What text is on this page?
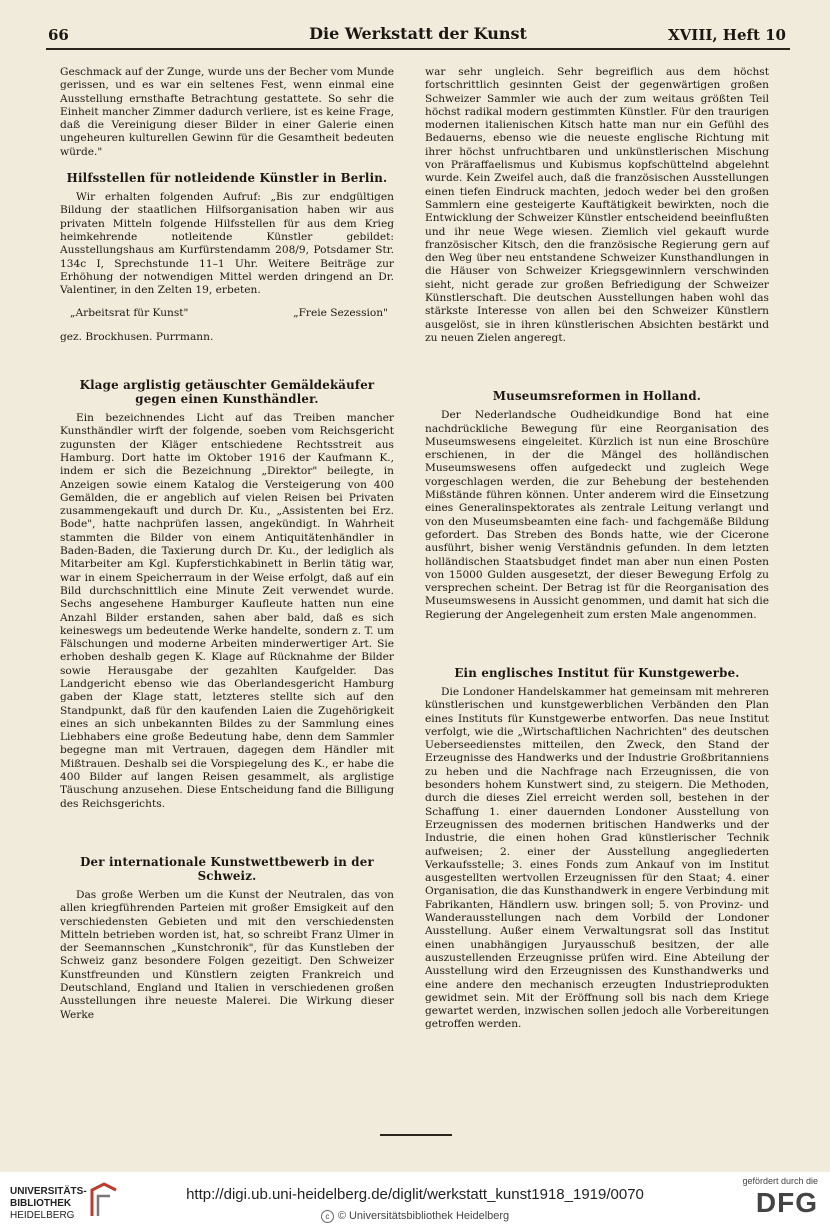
66	Die Werkstatt der Kunst	XVIII, Heft 10

Geschmack auf der Zunge, wurde uns der Becher vom Munde gerissen, und es war ein seltenes Fest, wenn einmal eine Ausstellung ernsthafte Betrachtung gestattete. So sehr die Einheit mancher Zimmer dadurch verliere, ist es keine Frage, daß die Vereinigung dieser Bilder in einer Galerie einen ungeheuren kulturellen Gewinn für die Gesamtheit bedeuten würde."

Hilfsstellen für notleidende Künstler in Berlin.

Wir erhalten folgenden Aufruf: „Bis zur endgültigen Bildung der staatlichen Hilfsorganisation haben wir aus privaten Mitteln folgende Hilfsstellen für aus dem Krieg heimkehrende notleitende Künstler gebildet: Ausstellungshaus am Kurfürstendamm 208/9, Potsdamer Str. 134c I, Sprechstunde 11–1 Uhr. Weitere Beiträge zur Erhöhung der notwendigen Mittel werden dringend an Dr. Valentiner, in den Zelten 19, erbeten.

„Arbeitsrat für Kunst"	„Freie Sezession"
gez. Brockhusen. Purrmann.
Klage arglistig getäuschter Gemäldekäufer gegen einen Kunsthändler.

Ein bezeichnendes Licht auf das Treiben mancher Kunsthändler wirft der folgende, soeben vom Reichsgericht zugunsten der Kläger entschiedene Rechtsstreit aus Hamburg. Dort hatte im Oktober 1916 der Kaufmann K., indem er sich die Bezeichnung „Direktor" beilegte, in Anzeigen sowie einem Katalog die Versteigerung von 400 Gemälden, die er angeblich auf vielen Reisen bei Privaten zusammengekauft und durch Dr. Ku., „Assistenten bei Erz. Bode", hatte nachprüfen lassen, angekündigt. In Wahrheit stammten die Bilder von einem Antiquitätenhändler in Baden-Baden, die Taxierung durch Dr. Ku., der lediglich als Mitarbeiter am Kgl. Kupferstichkabinett in Berlin tätig war, war in einem Speicherraum in der Weise erfolgt, daß auf ein Bild durchschnittlich eine Minute Zeit verwendet wurde. Sechs angesehene Hamburger Kaufleute hatten nun eine Anzahl Bilder erstanden, sahen aber bald, daß es sich keineswegs um bedeutende Werke handelte, sondern z. T. um Fälschungen und moderne Arbeiten minderwertiger Art. Sie erhoben deshalb gegen K. Klage auf Rücknahme der Bilder sowie Herausgabe der gezahlten Kaufgelder. Das Landgericht ebenso wie das Oberlandesgericht Hamburg gaben der Klage statt, letzteres stellte sich auf den Standpunkt, daß für den kaufenden Laien die Zugehörigkeit eines an sich unbekannten Bildes zu der Sammlung eines Liebhabers eine große Bedeutung habe, denn dem Sammler begegne man mit Vertrauen, dagegen dem Händler mit Mißtrauen. Deshalb sei die Vorspiegelung des K., er habe die 400 Bilder auf langen Reisen gesammelt, als arglistige Täuschung anzusehen. Diese Entscheidung fand die Billigung des Reichsgerichts.

Der internationale Kunstwettbewerb in der Schweiz.

Das große Werben um die Kunst der Neutralen, das von allen kriegführenden Parteien mit großer Emsigkeit auf den verschiedensten Gebieten und mit den verschiedensten Mitteln betrieben worden ist, hat, so schreibt Franz Ulmer in der Seemannschen „Kunstchronik", für das Kunstleben der Schweiz ganz besondere Folgen gezeitigt. Den Schweizer Kunstfreunden und Künstlern zeigten Frankreich und Deutschland, England und Italien in verschiedenen großen Ausstellungen ihre neueste Malerei. Die Wirkung dieser Werke

war sehr ungleich. Sehr begreiflich aus dem höchst fortschrittlich gesinnten Geist der gegenwärtigen großen Schweizer Sammler wie auch der zum weitaus größten Teil höchst radikal modern gestimmten Künstler. Für den traurigen modernen italienischen Kitsch hatte man nur ein Gefühl des Bedauerns, ebenso wie die neueste englische Richtung mit ihrer höchst unfruchtbaren und unkünstlerischen Mischung von Präraffaelismus und Kubismus kopfschüttelnd abgelehnt wurde. Kein Zweifel auch, daß die französischen Ausstellungen einen tiefen Eindruck machten, jedoch weder bei den großen Sammlern eine gesteigerte Kauftätigkeit bewirkten, noch die Entwicklung der Schweizer Künstler entscheidend beeinflußten und ihr neue Wege wiesen. Ziemlich viel gekauft wurde französischer Kitsch, den die französische Regierung gern auf den Weg über neu entstandene Schweizer Kunsthandlungen in die Häuser von Schweizer Kriegsgewinnlern verschwinden sieht, nicht gerade zur großen Befriedigung der Schweizer Künstlerschaft. Die deutschen Ausstellungen haben wohl das stärkste Interesse von allen bei den Schweizer Künstlern ausgelöst, sie in ihren künstlerischen Absichten bestärkt und zu neuen Zielen angeregt.

Museumsreformen in Holland.

Der Nederlandsche Oudheidkundige Bond hat eine nachdrückliche Bewegung für eine Reorganisation des Museumswesens eingeleitet. Kürzlich ist nun eine Broschüre erschienen, in der die Mängel des holländischen Museumswesens offen aufgedeckt und zugleich Wege vorgeschlagen werden, die zur Behebung der bestehenden Mißstände führen können. Unter anderem wird die Einsetzung eines Generalinspektorates als zentrale Leitung verlangt und von den Museumsbeamten eine fach- und fachgemäße Bildung gefordert. Das Streben des Bonds hatte, wie der Cicerone ausführt, bisher wenig Verständnis gefunden. In dem letzten holländischen Staatsbudget findet man aber nun einen Posten von 15000 Gulden ausgesetzt, der dieser Bewegung Erfolg zu versprechen scheint. Der Betrag ist für die Reorganisation des Museumswesens in Aussicht genommen, und damit hat sich die Regierung der Angelegenheit zum ersten Male angenommen.

Ein englisches Institut für Kunstgewerbe.

Die Londoner Handelskammer hat gemeinsam mit mehreren künstlerischen und kunstgewerblichen Verbänden den Plan eines Instituts für Kunstgewerbe entworfen. Das neue Institut verfolgt, wie die „Wirtschaftlichen Nachrichten" des deutschen Ueberseedienstes mitteilen, den Zweck, den Stand der Erzeugnisse des Handwerks und der Industrie Großbritanniens zu heben und die Nachfrage nach Erzeugnissen, die von besonders hohem Kunstwert sind, zu steigern. Die Methoden, durch die dieses Ziel erreicht werden soll, bestehen in der Schaffung 1. einer dauernden Londoner Ausstellung von Erzeugnissen des modernen britischen Handwerks und der Industrie, die einen hohen Grad künstlerischer Technik aufweisen; 2. einer der Ausstellung angegliederten Verkaufsstelle; 3. eines Fonds zum Ankauf von im Institut ausgestellten wertvollen Erzeugnissen für den Staat; 4. einer Organisation, die das Kunsthandwerk in engere Verbindung mit Fabrikanten, Händlern usw. bringen soll; 5. von Provinz- und Wanderausstellungen nach dem Vorbild der Londoner Ausstellung. Außer einem Verwaltungsrat soll das Institut einen unabhängigen Juryausschuß besitzen, der alle auszustellenden Erzeugnisse prüfen wird. Eine Abteilung der Ausstellung wird den Erzeugnissen des Kunsthandwerks und eine andere den mechanisch erzeugten Industrieprodukten gewidmet sein. Mit der Eröffnung soll bis nach dem Kriege gewartet werden, inzwischen sollen jedoch alle Vorbereitungen getroffen werden.

UNIVERSITÄTS-
BIBLIOTHEK
HEIDELBERG
http://digi.ub.uni-heidelberg.de/diglit/werkstatt_kunst1918_1919/0070
c © Universitätsbibliothek Heidelberg
gefördert durch die
DFG
